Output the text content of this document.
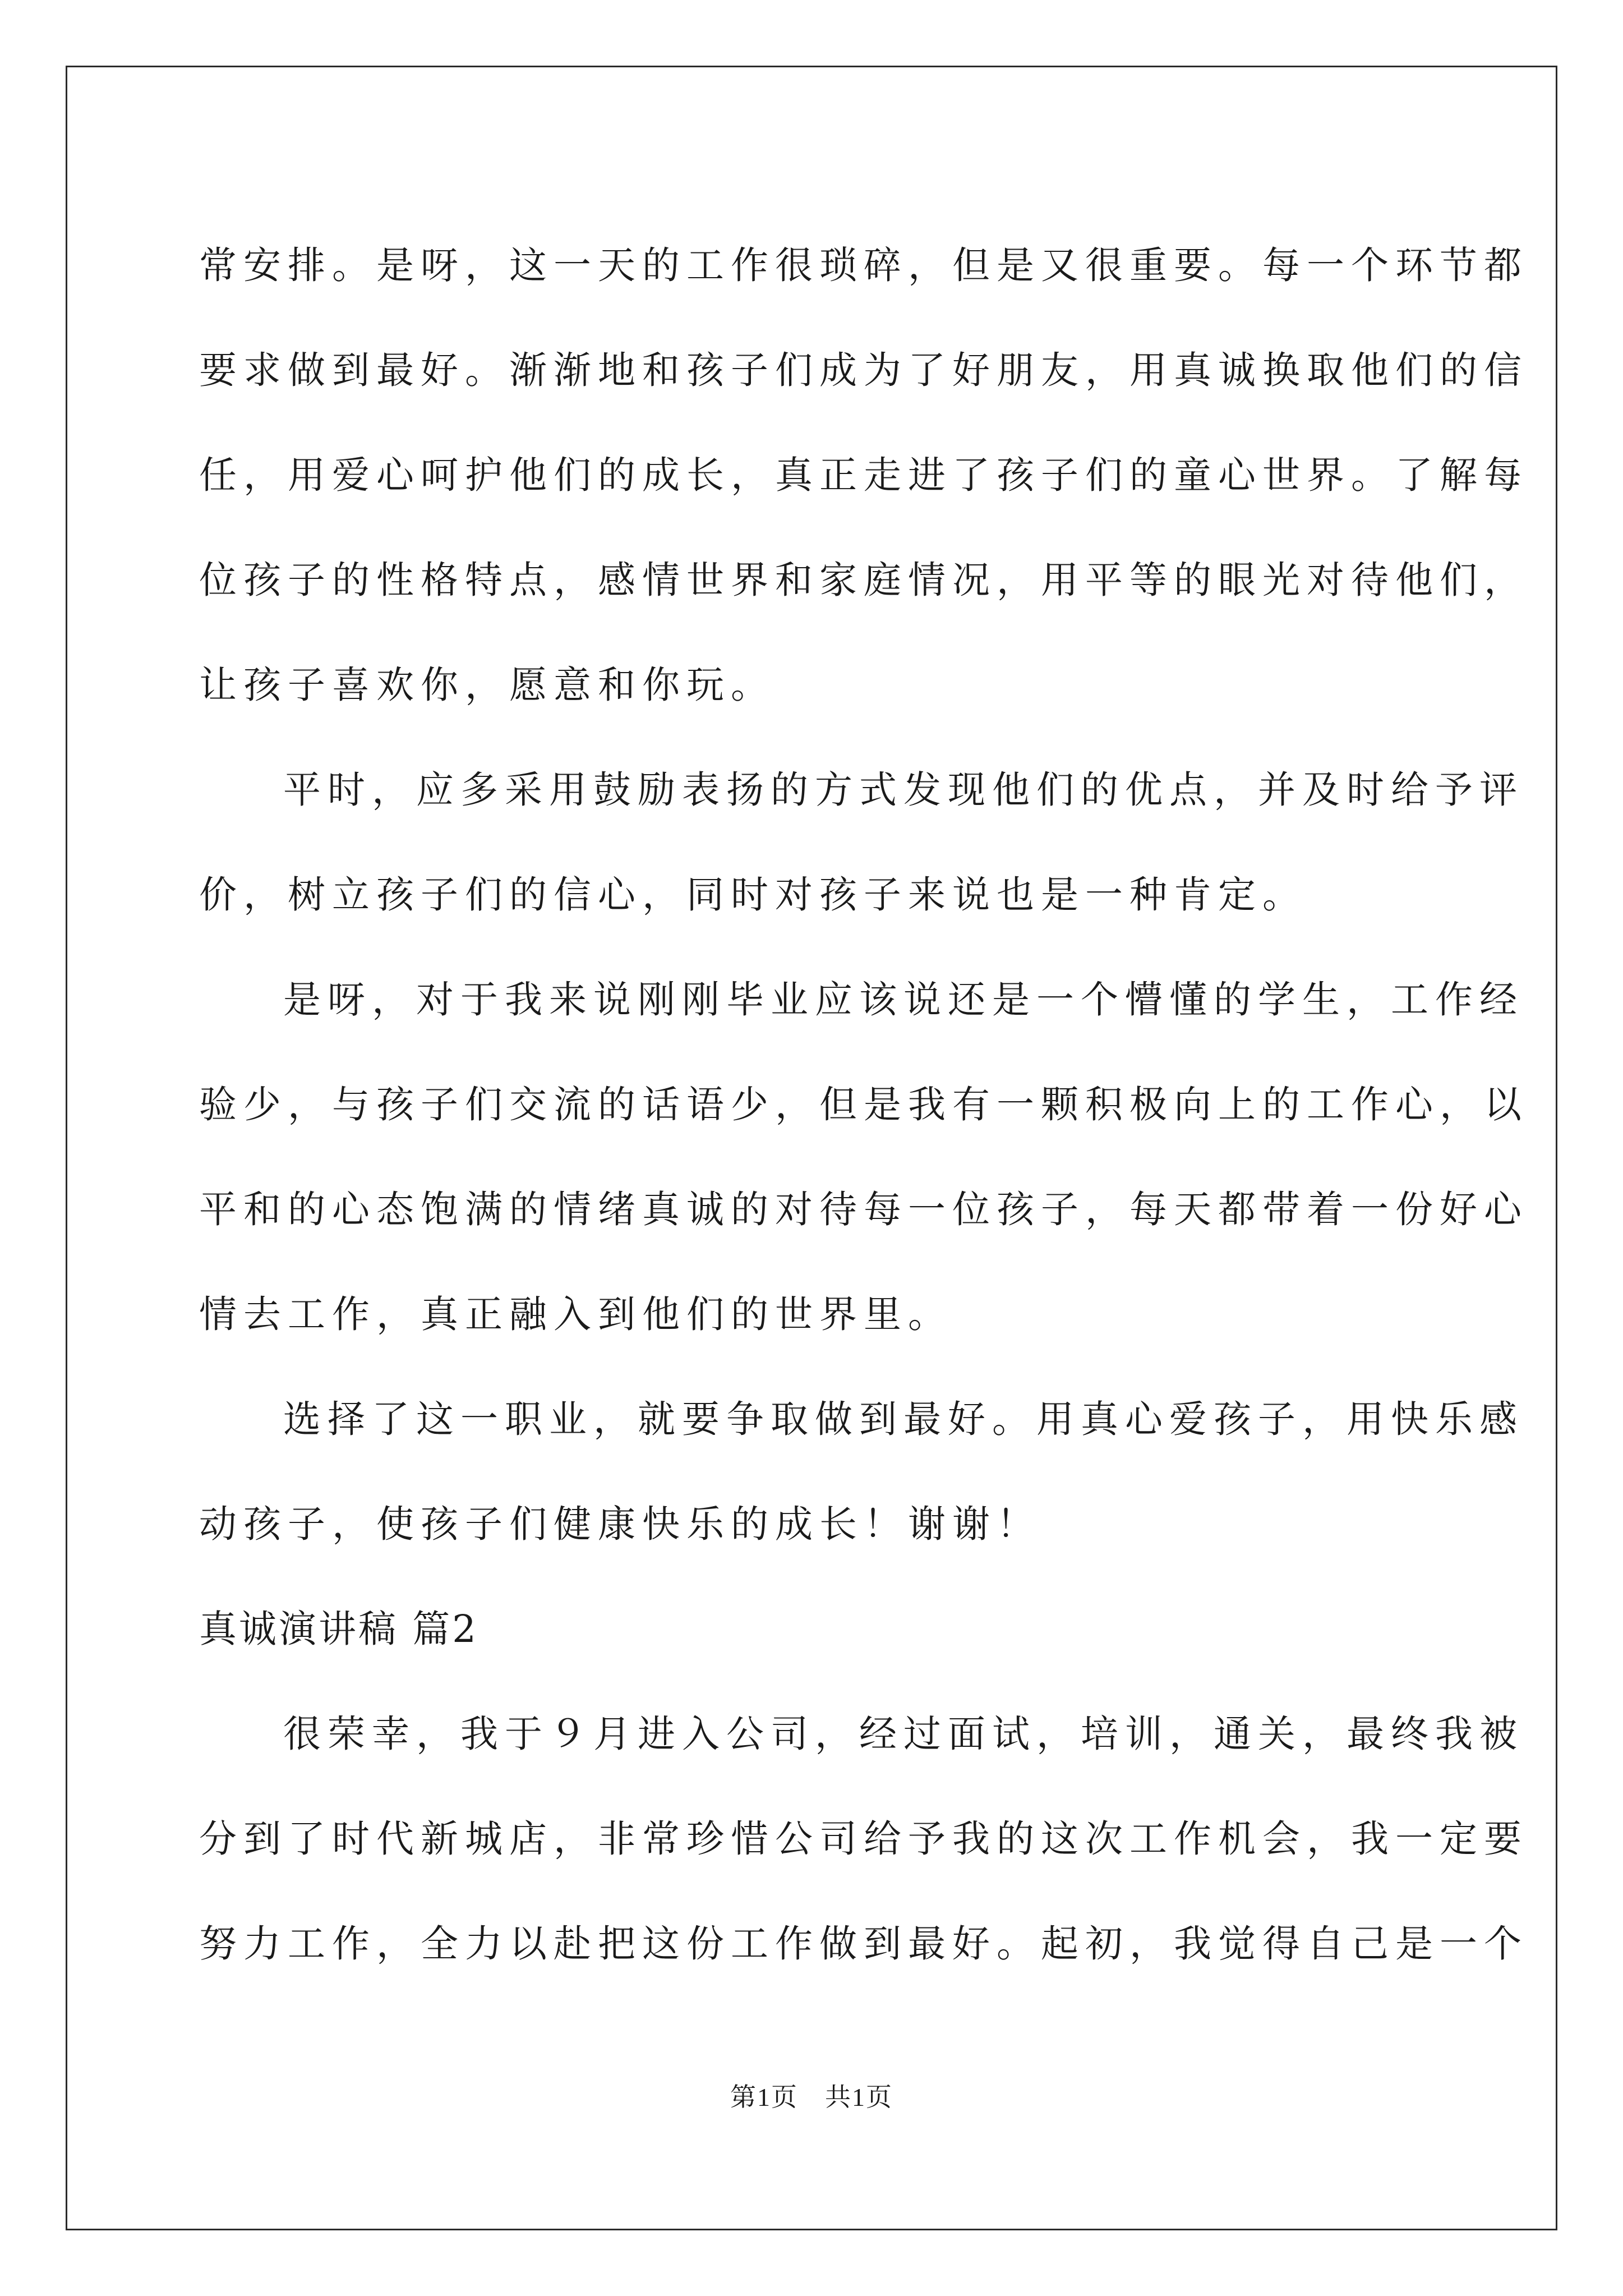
常安排。是呀，这一天的工作很琐碎，但是又很重要。每一个环节都
要求做到最好。渐渐地和孩子们成为了好朋友，用真诚换取他们的信
任，用爱心呵护他们的成长，真正走进了孩子们的童心世界。了解每
位孩子的性格特点，感情世界和家庭情况，用平等的眼光对待他们，
让孩子喜欢你，愿意和你玩。
平时，应多采用鼓励表扬的方式发现他们的优点，并及时给予评
价，树立孩子们的信心，同时对孩子来说也是一种肯定。
是呀，对于我来说刚刚毕业应该说还是一个懵懂的学生，工作经
验少，与孩子们交流的话语少，但是我有一颗积极向上的工作心，以
平和的心态饱满的情绪真诚的对待每一位孩子，每天都带着一份好心
情去工作，真正融入到他们的世界里。
选择了这一职业，就要争取做到最好。用真心爱孩子，用快乐感
动孩子，使孩子们健康快乐的成长！谢谢！
真诚演讲稿 篇2
很荣幸，我于９月进入公司，经过面试，培训，通关，最终我被
分到了时代新城店，非常珍惜公司给予我的这次工作机会，我一定要
努力工作，全力以赴把这份工作做到最好。起初，我觉得自己是一个
第1页　共1页
